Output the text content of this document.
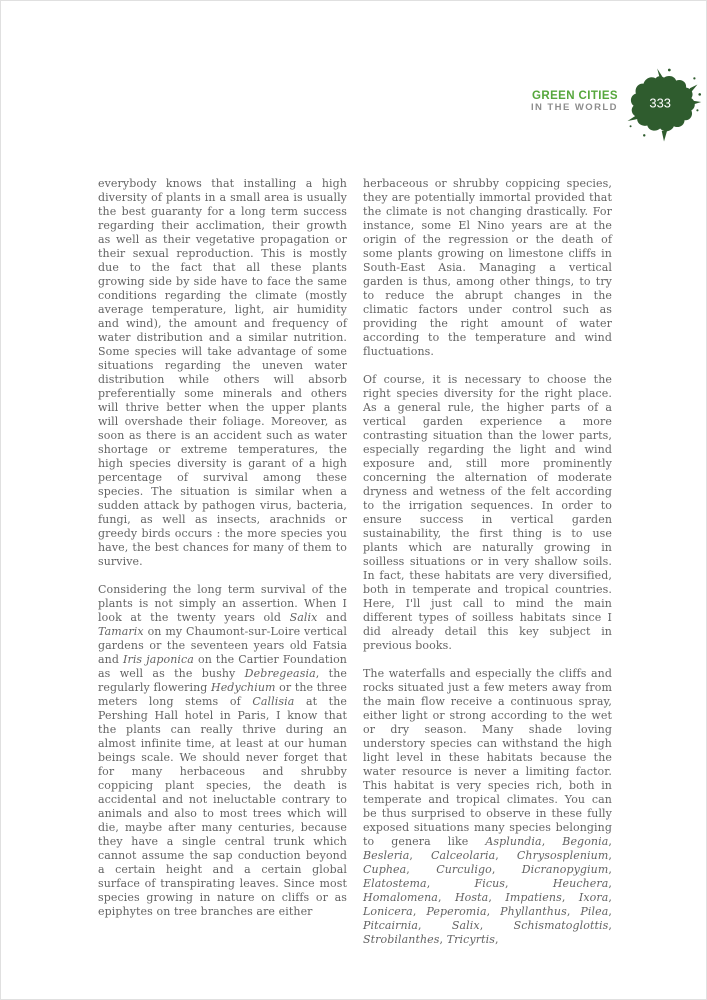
GREEN CITIES
IN THE WORLD 333

everybody knows that installing a high diversity of plants in a small area is usually the best guaranty for a long term success regarding their acclimation, their growth as well as their vegetative propagation or their sexual reproduction. This is mostly due to the fact that all these plants growing side by side have to face the same conditions regarding the climate (mostly average temperature, light, air humidity and wind), the amount and frequency of water distribution and a similar nutrition. Some species will take advantage of some situations regarding the uneven water distribution while others will absorb preferentially some minerals and others will thrive better when the upper plants will overshade their foliage. Moreover, as soon as there is an accident such as water shortage or extreme temperatures, the high species diversity is garant of a high percentage of survival among these species. The situation is similar when a sudden attack by pathogen virus, bacteria, fungi, as well as insects, arachnids or greedy birds occurs : the more species you have, the best chances for many of them to survive.

Considering the long term survival of the plants is not simply an assertion. When I look at the twenty years old Salix and Tamarix on my Chaumont-sur-Loire vertical gardens or the seventeen years old Fatsia and Iris japonica on the Cartier Foundation as well as the bushy Debregeasia, the regularly flowering Hedychium or the three meters long stems of Callisia at the Pershing Hall hotel in Paris, I know that the plants can really thrive during an almost infinite time, at least at our human beings scale. We should never forget that for many herbaceous and shrubby coppicing plant species, the death is accidental and not ineluctable contrary to animals and also to most trees which will die, maybe after many centuries, because they have a single central trunk which cannot assume the sap conduction beyond a certain height and a certain global surface of transpirating leaves. Since most species growing in nature on cliffs or as epiphytes on tree branches are either

herbaceous or shrubby coppicing species, they are potentially immortal provided that the climate is not changing drastically. For instance, some El Nino years are at the origin of the regression or the death of some plants growing on limestone cliffs in South-East Asia. Managing a vertical garden is thus, among other things, to try to reduce the abrupt changes in the climatic factors under control such as providing the right amount of water according to the temperature and wind fluctuations.

Of course, it is necessary to choose the right species diversity for the right place. As a general rule, the higher parts of a vertical garden experience a more contrasting situation than the lower parts, especially regarding the light and wind exposure and, still more prominently concerning the alternation of moderate dryness and wetness of the felt according to the irrigation sequences. In order to ensure success in vertical garden sustainability, the first thing is to use plants which are naturally growing in soilless situations or in very shallow soils. In fact, these habitats are very diversified, both in temperate and tropical countries. Here, I'll just call to mind the main different types of soilless habitats since I did already detail this key subject in previous books.

The waterfalls and especially the cliffs and rocks situated just a few meters away from the main flow receive a continuous spray, either light or strong according to the wet or dry season. Many shade loving understory species can withstand the high light level in these habitats because the water resource is never a limiting factor. This habitat is very species rich, both in temperate and tropical climates. You can be thus surprised to observe in these fully exposed situations many species belonging to genera like Asplundia, Begonia, Besleria, Calceolaria, Chrysosplenium, Cuphea, Curculigo, Dicranopygium, Elatostema, Ficus, Heuchera, Homalomena, Hosta, Impatiens, Ixora, Lonicera, Peperomia, Phyllanthus, Pilea, Pitcairnia, Salix, Schismatoglottis, Strobilanthes, Tricyrtis,
